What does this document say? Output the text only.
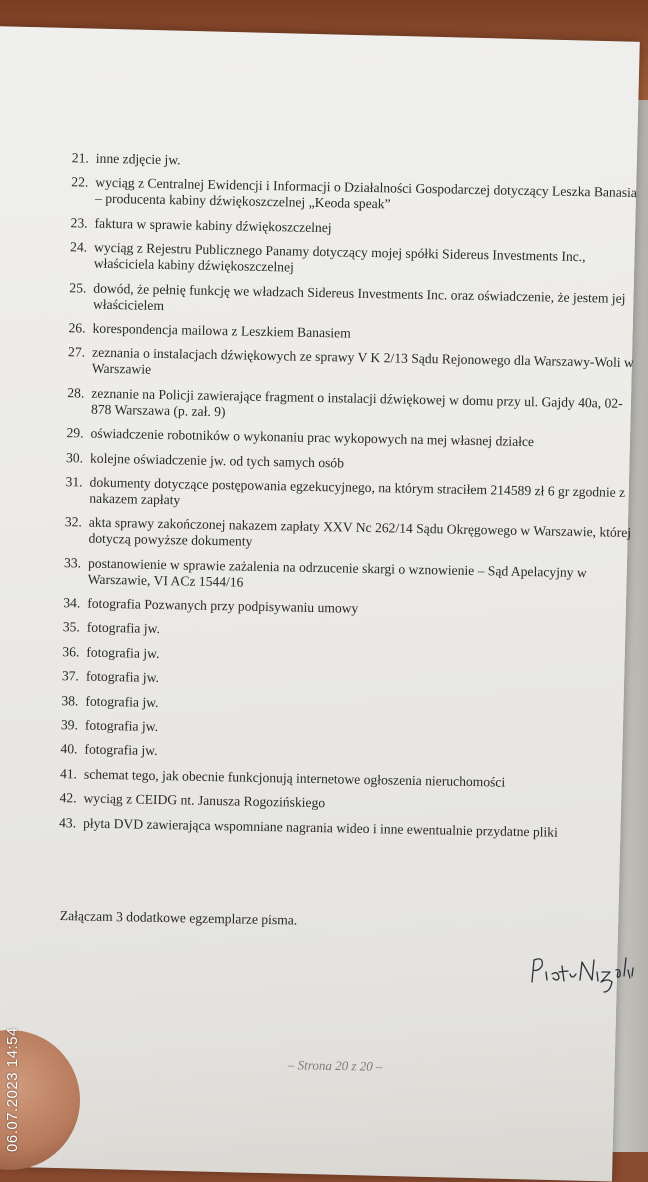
21. inne zdjęcie jw.
22. wyciąg z Centralnej Ewidencji i Informacji o Działalności Gospodarczej dotyczący Leszka Banasia – producenta kabiny dźwiękoszczelnej „Keoda speak”
23. faktura w sprawie kabiny dźwiękoszczelnej
24. wyciąg z Rejestru Publicznego Panamy dotyczący mojej spółki Sidereus Investments Inc., właściciela kabiny dźwiękoszczelnej
25. dowód, że pełnię funkcję we władzach Sidereus Investments Inc. oraz oświadczenie, że jestem jej właścicielem
26. korespondencja mailowa z Leszkiem Banasiem
27. zeznania o instalacjach dźwiękowych ze sprawy V K 2/13 Sądu Rejonowego dla Warszawy-Woli w Warszawie
28. zeznanie na Policji zawierające fragment o instalacji dźwiękowej w domu przy ul. Gajdy 40a, 02-878 Warszawa (p. zał. 9)
29. oświadczenie robotników o wykonaniu prac wykopowych na mej własnej działce
30. kolejne oświadczenie jw. od tych samych osób
31. dokumenty dotyczące postępowania egzekucyjnego, na którym straciłem 214589 zł 6 gr zgodnie z nakazem zapłaty
32. akta sprawy zakończonej nakazem zapłaty XXV Nc 262/14 Sądu Okręgowego w Warszawie, której dotyczą powyższe dokumenty
33. postanowienie w sprawie zażalenia na odrzucenie skargi o wznowienie – Sąd Apelacyjny w Warszawie, VI ACz 1544/16
34. fotografia Pozwanych przy podpisywaniu umowy
35. fotografia jw.
36. fotografia jw.
37. fotografia jw.
38. fotografia jw.
39. fotografia jw.
40. fotografia jw.
41. schemat tego, jak obecnie funkcjonują internetowe ogłoszenia nieruchomości
42. wyciąg z CEIDG nt. Janusza Rogozińskiego
43. płyta DVD zawierająca wspomniane nagrania wideo i inne ewentualnie przydatne pliki
Załączam 3 dodatkowe egzemplarze pisma.
– Strona 20 z 20 –
06.07.2023 14:54
